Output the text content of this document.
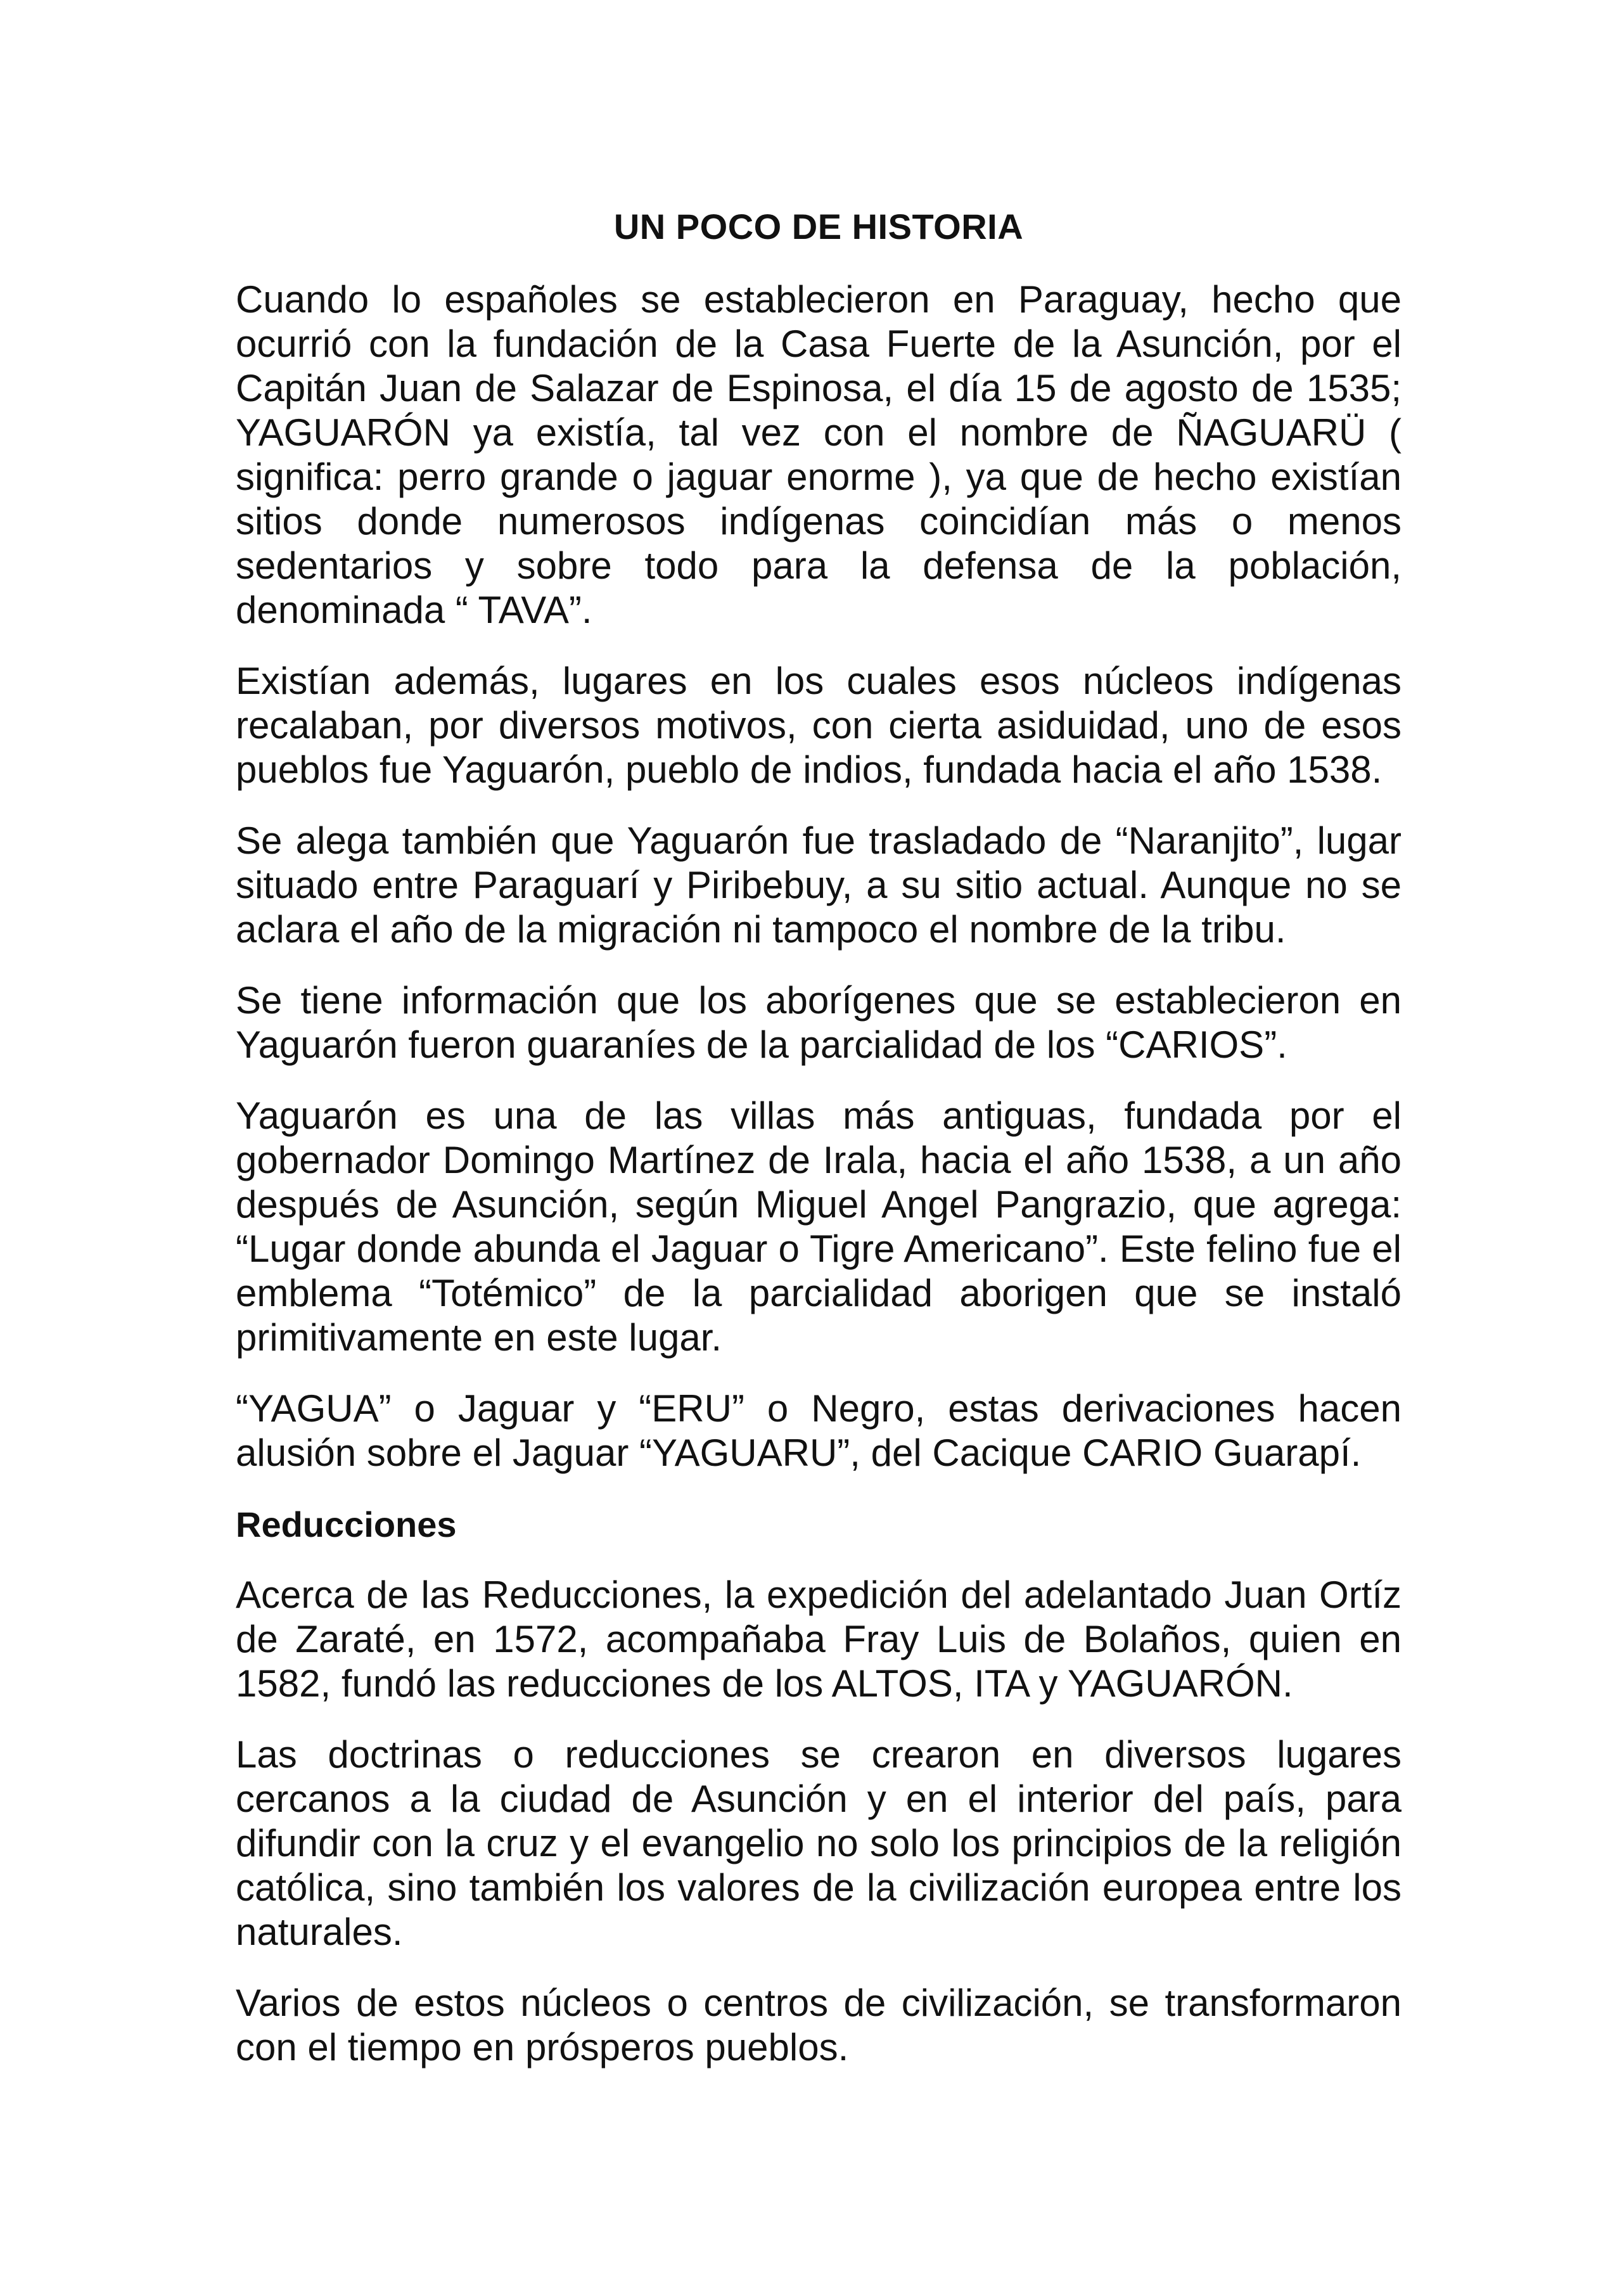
UN POCO DE HISTORIA

Cuando lo españoles se establecieron en Paraguay, hecho que ocurrió con la fundación de la Casa Fuerte de la Asunción, por el Capitán Juan de Salazar de Espinosa, el día 15 de agosto de 1535; YAGUARÓN ya existía, tal vez con el nombre de ÑAGUARÜ ( significa: perro grande o jaguar enorme ), ya que de hecho existían sitios donde numerosos indígenas coincidían más o menos sedentarios y sobre todo para la defensa de la población, denominada “ TAVA”.

Existían además, lugares en los cuales esos núcleos indígenas recalaban, por diversos motivos, con cierta asiduidad, uno de esos pueblos fue Yaguarón, pueblo de indios, fundada hacia el año 1538.

Se alega también que Yaguarón fue trasladado de “Naranjito”, lugar situado entre Paraguarí y Piribebuy, a su sitio actual. Aunque no se aclara el año de la migración ni tampoco el nombre de la tribu.

Se tiene información que los aborígenes que se establecieron en Yaguarón fueron guaraníes de la parcialidad de los “CARIOS”.

Yaguarón es una de las villas más antiguas, fundada por el gobernador Domingo Martínez de Irala, hacia el año 1538, a un año después de Asunción, según Miguel Angel Pangrazio, que agrega: “Lugar donde abunda el Jaguar o Tigre Americano”. Este felino fue el emblema “Totémico” de la parcialidad aborigen que se instaló primitivamente en este lugar.

“YAGUA” o Jaguar y “ERU” o Negro, estas derivaciones hacen alusión sobre el Jaguar “YAGUARU”, del Cacique CARIO Guarapí.

Reducciones

Acerca de las Reducciones, la expedición del adelantado Juan Ortíz de Zaraté, en 1572, acompañaba Fray Luis de Bolaños, quien en 1582, fundó las reducciones de los ALTOS, ITA y YAGUARÓN.

Las doctrinas o reducciones se crearon en diversos lugares cercanos a la ciudad de Asunción y en el interior del país, para difundir con la cruz y el evangelio no solo los principios de la religión católica, sino también los valores de la civilización europea entre los naturales.

Varios de estos núcleos o centros de civilización, se transformaron con el tiempo en prósperos pueblos.
